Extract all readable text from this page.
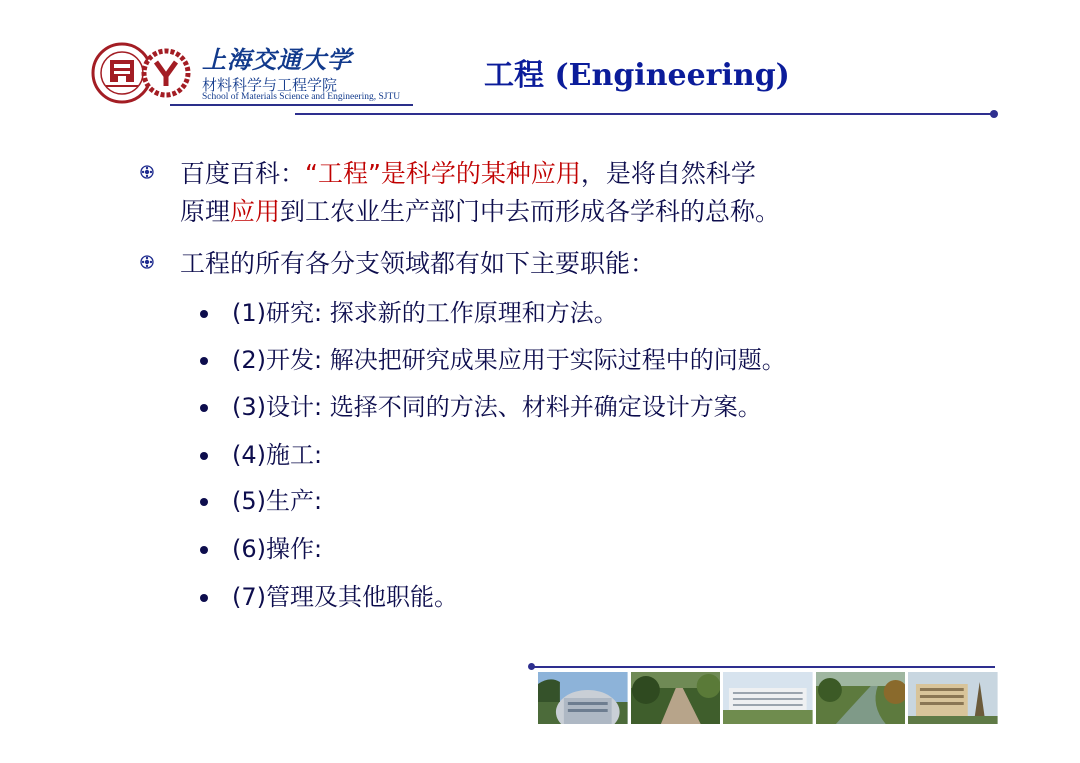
上海交通大学
材料科学与工程学院
School of Materials Science and Engineering, SJTU
工程 (Engineering)
百度百科：“工程”是科学的某种应用，是将自然科学
原理应用到工农业生产部门中去而形成各学科的总称。
工程的所有各分支领域都有如下主要职能：
(1)研究: 探求新的工作原理和方法。
(2)开发: 解决把研究成果应用于实际过程中的问题。
(3)设计: 选择不同的方法、材料并确定设计方案。
(4)施工:
(5)生产:
(6)操作:
(7)管理及其他职能。
